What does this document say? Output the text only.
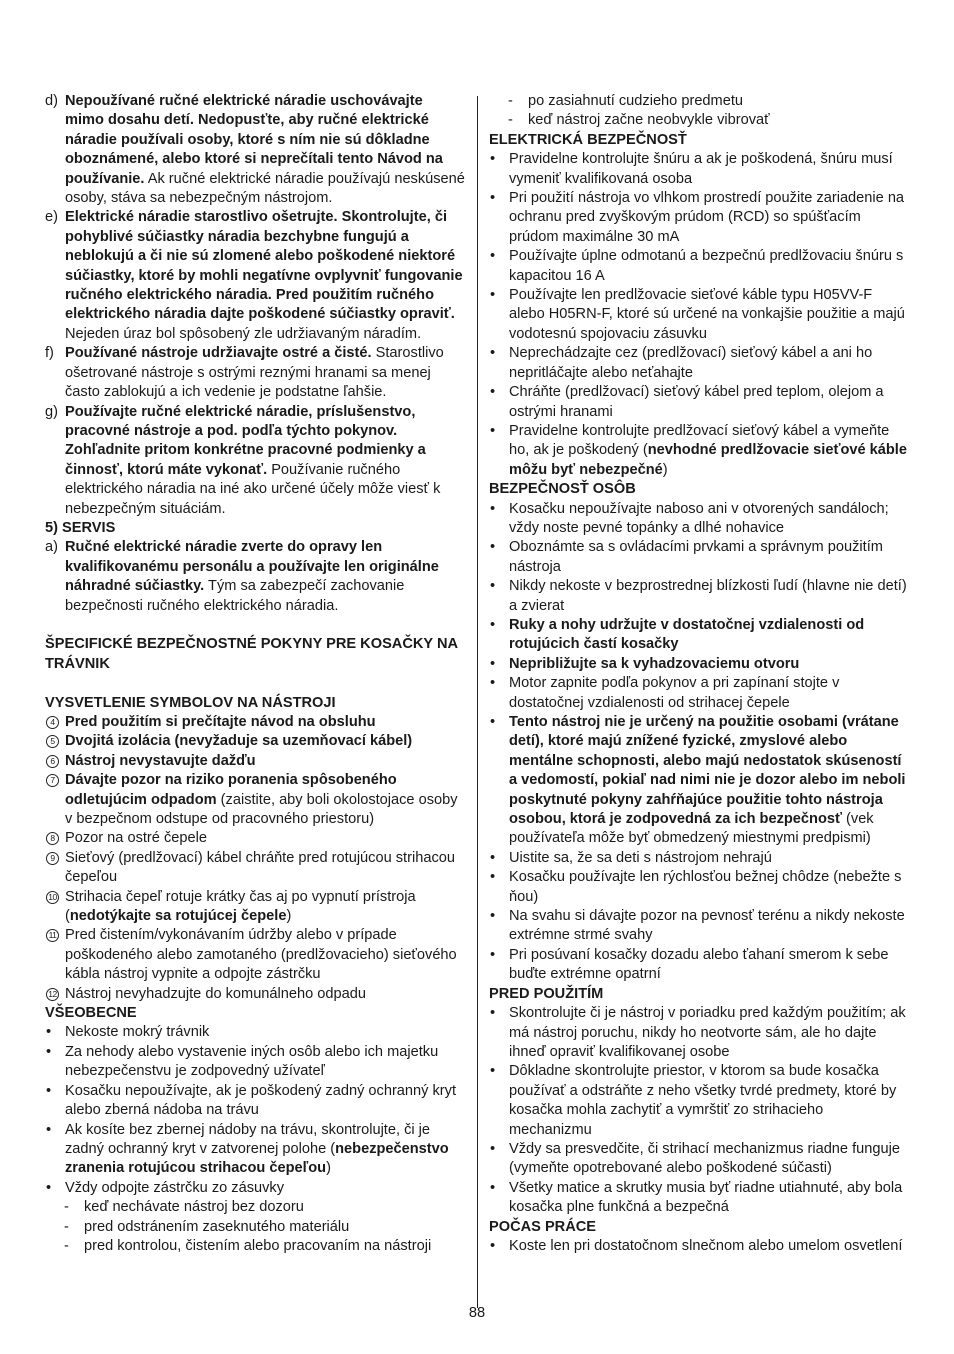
d) Nepoužívané ručné elektrické náradie uschovávajte mimo dosahu detí. Nedopusťte, aby ručné elektrické náradie používali osoby, ktoré s ním nie sú dôkladne oboznámené, alebo ktoré si neprečítali tento Návod na používanie. Ak ručné elektrické náradie používajú neskúsené osoby, stáva sa nebezpečným nástrojom.
e) Elektrické náradie starostlivo ošetrujte. Skontrolujte, či pohyblivé súčiastky náradia bezchybne fungujú a neblokujú a či nie sú zlomené alebo poškodené niektoré súčiastky, ktoré by mohli negatívne ovplyvniť fungovanie ručného elektrického náradia. Pred použitím ručného elektrického náradia dajte poškodené súčiastky opraviť. Nejeden úraz bol spôsobený zle udržiavaným náradím.
f) Používané nástroje udržiavajte ostré a čisté. Starostlivo ošetrované nástroje s ostrými reznými hranami sa menej často zablokujú a ich vedenie je podstatne ľahšie.
g) Používajte ručné elektrické náradie, príslušenstvo, pracovné nástroje a pod. podľa týchto pokynov. Zohľadnite pritom konkrétne pracovné podmienky a činnosť, ktorú máte vykonať. Používanie ručného elektrického náradia na iné ako určené účely môže viesť k nebezpečným situáciám.
5) SERVIS
a) Ručné elektrické náradie zverte do opravy len kvalifikovanému personálu a používajte len originálne náhradné súčiastky. Tým sa zabezpečí zachovanie bezpečnosti ručného elektrického náradia.
ŠPECIFICKÉ BEZPEČNOSTNÉ POKYNY PRE KOSAČKY NA TRÁVNIK
VYSVETLENIE SYMBOLOV NA NÁSTROJI
4 Pred použitím si prečítajte návod na obsluhu
5 Dvojitá izolácia (nevyžaduje sa uzemňovací kábel)
6 Nástroj nevystavujte dažďu
7 Dávajte pozor na riziko poranenia spôsobeného odletujúcim odpadom (zaistite, aby boli okolostojace osoby v bezpečnom odstupe od pracovného priestoru)
8 Pozor na ostré čepele
9 Sieťový (predlžovací) kábel chráňte pred rotujúcou strihacou čepeľou
10 Strihacia čepeľ rotuje krátky čas aj po vypnutí prístroja (nedotýkajte sa rotujúcej čepele)
11 Pred čistením/vykonávaním údržby alebo v prípade poškodeného alebo zamotaného (predlžovacieho) sieťového kábla nástroj vypnite a odpojte zástrčku
12 Nástroj nevyhadzujte do komunálneho odpadu
VŠEOBECNE
• Nekoste mokrý trávnik
• Za nehody alebo vystavenie iných osôb alebo ich majetku nebezpečenstvu je zodpovedný užívateľ
• Kosačku nepoužívajte, ak je poškodený zadný ochranný kryt alebo zberná nádoba na trávu
• Ak kosíte bez zbernej nádoby na trávu, skontrolujte, či je zadný ochranný kryt v zatvorenej polohe (nebezpečenstvo zranenia rotujúcou strihacou čepeľou)
• Vždy odpojte zástrčku zo zásuvky
- keď nechávate nástroj bez dozoru
- pred odstránením zaseknutého materiálu
- pred kontrolou, čistením alebo pracovaním na nástroji
- po zasiahnutí cudzieho predmetu
- keď nástroj začne neobvykle vibrovať
ELEKTRICKÁ BEZPEČNOSŤ
• Pravidelne kontrolujte šnúru a ak je poškodená, šnúru musí vymeniť kvalifikovaná osoba
• Pri použití nástroja vo vlhkom prostredí použite zariadenie na ochranu pred zvyškovým prúdom (RCD) so spúšťacím prúdom maximálne 30 mA
• Používajte úplne odmotanú a bezpečnú predlžovaciu šnúru s kapacitou 16 A
• Používajte len predlžovacie sieťové káble typu H05VV-F alebo H05RN-F, ktoré sú určené na vonkajšie použitie a majú vodotesnú spojovaciu zásuvku
• Neprechádzajte cez (predlžovací) sieťový kábel a ani ho nepritláčajte alebo neťahajte
• Chráňte (predlžovací) sieťový kábel pred teplom, olejom a ostrými hranami
• Pravidelne kontrolujte predlžovací sieťový kábel a vymeňte ho, ak je poškodený (nevhodné predlžovacie sieťové káble môžu byť nebezpečné)
BEZPEČNOSŤ OSÔB
• Kosačku nepoužívajte naboso ani v otvorených sandáloch; vždy noste pevné topánky a dlhé nohavice
• Oboznámte sa s ovládacími prvkami a správnym použitím nástroja
• Nikdy nekoste v bezprostrednej blízkosti ľudí (hlavne nie detí) a zvierat
• Ruky a nohy udržujte v dostatočnej vzdialenosti od rotujúcich častí kosačky
• Nepribližujte sa k vyhadzovaciemu otvoru
• Motor zapnite podľa pokynov a pri zapínaní stojte v dostatočnej vzdialenosti od strihacej čepele
• Tento nástroj nie je určený na použitie osobami (vrátane detí), ktoré majú znížené fyzické, zmyslové alebo mentálne schopnosti, alebo majú nedostatok skúseností a vedomostí, pokiaľ nad nimi nie je dozor alebo im neboli poskytnuté pokyny zahŕňajúce použitie tohto nástroja osobou, ktorá je zodpovedná za ich bezpečnosť (vek používateľa môže byť obmedzený miestnymi predpismi)
• Uistite sa, že sa deti s nástrojom nehrajú
• Kosačku používajte len rýchlosťou bežnej chôdze (nebežte s ňou)
• Na svahu si dávajte pozor na pevnosť terénu a nikdy nekoste extrémne strmé svahy
• Pri posúvaní kosačky dozadu alebo ťahaní smerom k sebe buďte extrémne opatrní
PRED POUŽITÍM
• Skontrolujte či je nástroj v poriadku pred každým použitím; ak má nástroj poruchu, nikdy ho neotvorte sám, ale ho dajte ihneď opraviť kvalifikovanej osobe
• Dôkladne skontrolujte priestor, v ktorom sa bude kosačka používať a odstráňte z neho všetky tvrdé predmety, ktoré by kosačka mohla zachytiť a vymrštiť zo strihacieho mechanizmu
• Vždy sa presvedčite, či strihací mechanizmus riadne funguje (vymeňte opotrebované alebo poškodené súčasti)
• Všetky matice a skrutky musia byť riadne utiahnuté, aby bola kosačka plne funkčná a bezpečná
POČAS PRÁCE
• Koste len pri dostatočnom slnečnom alebo umelom osvetlení
88
